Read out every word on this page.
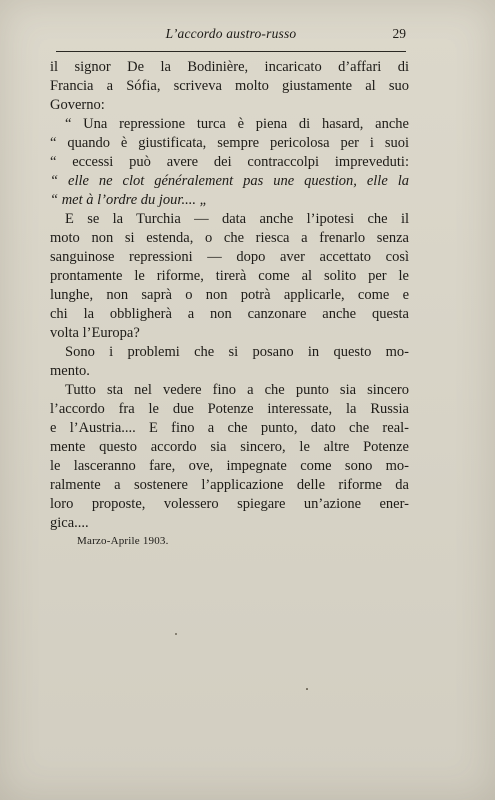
L’accordo austro-russo	29
il signor De la Bodinière, incaricato d’affari di
Francia a Sófia, scriveva molto giustamente al suo
Governo:
“ Una repressione turca è piena di hasard, anche
“ quando è giustificata, sempre pericolosa per i suoi
“ eccessi può avere dei contraccolpi impreveduti:
“ elle ne clot généralement pas une question, elle la
“ met à l’ordre du jour.... „
E se la Turchia — data anche l’ipotesi che il
moto non si estenda, o che riesca a frenarlo senza
sanguinose repressioni — dopo aver accettato così
prontamente le riforme, tirerà come al solito per le
lunghe, non saprà o non potrà applicarle, come e
chi la obbligherà a non canzonare anche questa
volta l’Europa?
Sono i problemi che si posano in questo mo-
mento.
Tutto sta nel vedere fino a che punto sia sincero
l’accordo fra le due Potenze interessate, la Russia
e l’Austria.... E fino a che punto, dato che real-
mente questo accordo sia sincero, le altre Potenze
le lasceranno fare, ove, impegnate come sono mo-
ralmente a sostenere l’applicazione delle riforme da
loro proposte, volessero spiegare un’azione ener-
gica....
Marzo-Aprile 1903.
